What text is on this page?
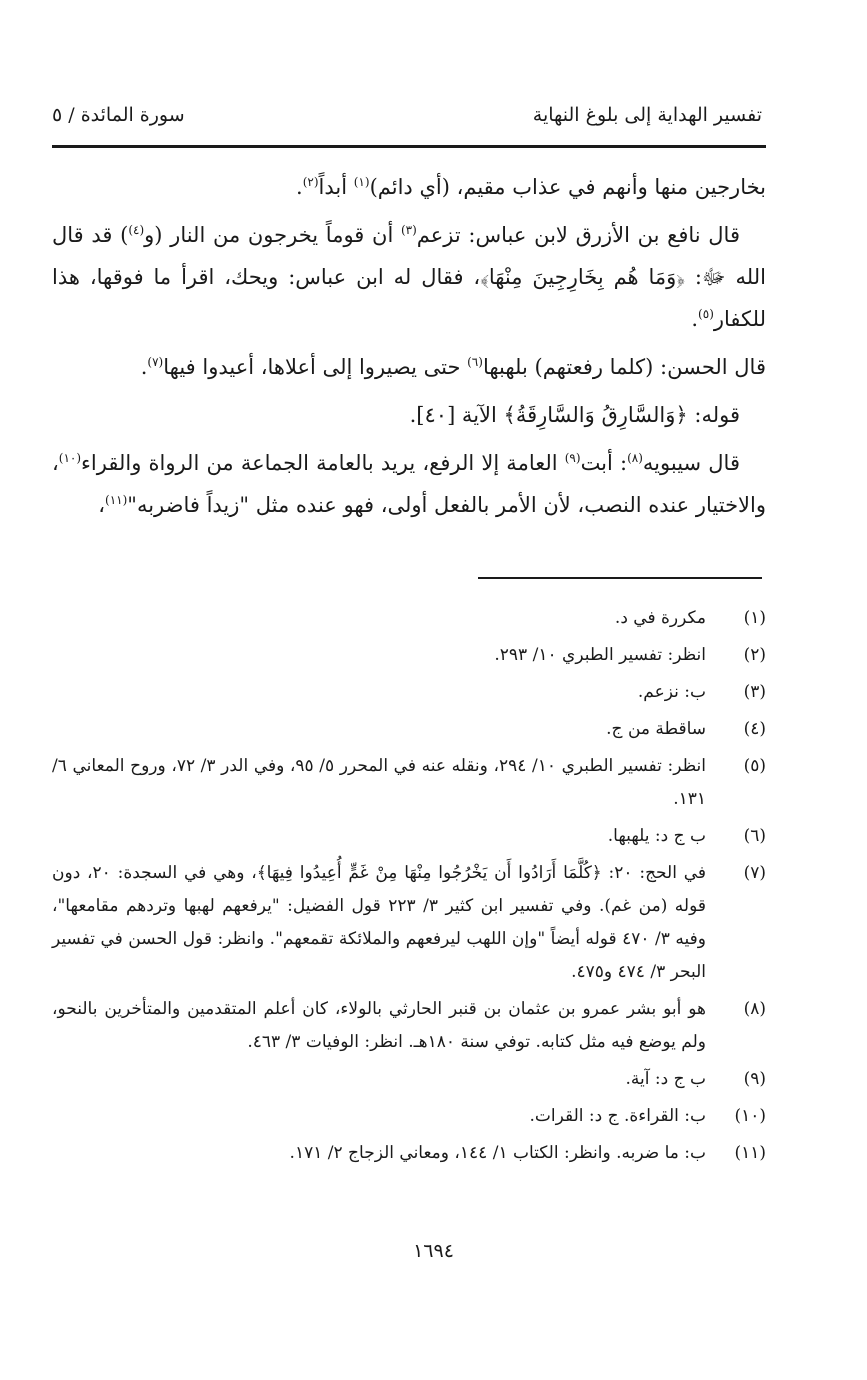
تفسير الهداية إلى بلوغ النهاية
سورة المائدة / ٥

بخارجين منها وأنهم في عذاب مقيم، (أي دائم)$^{(١)}$ أبداً$^{(٢)}$.

قال نافع بن الأزرق لابن عباس: تزعم$^{(٣)}$ أن قوماً يخرجون من النار (و$^{(٤)}$) قد قال الله ﷻ: ﴿وَمَا هُم بِخَارِجِينَ مِنْهَا﴾، فقال له ابن عباس: ويحك، اقرأ ما فوقها، هذا للكفار$^{(٥)}$.

قال الحسن: (كلما رفعتهم) بلهبها$^{(٦)}$ حتى يصيروا إلى أعلاها، أعيدوا فيها$^{(٧)}$.

قوله: ﴿وَالسَّارِقُ وَالسَّارِقَةُ﴾ الآية [٤٠].

قال سيبويه$^{(٨)}$: أبت$^{(٩)}$ العامة إلا الرفع، يريد بالعامة الجماعة من الرواة والقراء$^{(١٠)}$، والاختيار عنده النصب، لأن الأمر بالفعل أولى، فهو عنده مثل "زيداً فاضربه"$^{(١١)}$،

(١)
مكررة في د.
(٢)
انظر: تفسير الطبري ١٠/ ٢٩٣.
(٣)
ب: نزعم.
(٤)
ساقطة من ج.
(٥)
انظر: تفسير الطبري ١٠/ ٢٩٤، ونقله عنه في المحرر ٥/ ٩٥، وفي الدر ٣/ ٧٢، وروح المعاني ٦/ ١٣١.
(٦)
ب ج د: يلهبها.
(٧)
في الحج: ٢٠: ﴿كُلَّمَا أَرَادُوا أَن يَخْرُجُوا مِنْهَا مِنْ غَمٍّ أُعِيدُوا فِيهَا﴾، وهي في السجدة: ٢٠، دون قوله (من غم). وفي تفسير ابن كثير ٣/ ٢٢٣ قول الفضيل: "يرفعهم لهبها وتردهم مقامعها"، وفيه ٣/ ٤٧٠ قوله أيضاً "وإن اللهب ليرفعهم والملائكة تقمعهم". وانظر: قول الحسن في تفسير البحر ٣/ ٤٧٤ و٤٧٥.
(٨)
هو أبو بشر عمرو بن عثمان بن قنبر الحارثي بالولاء، كان أعلم المتقدمين والمتأخرين بالنحو، ولم يوضع فيه مثل كتابه. توفي سنة ١٨٠هـ. انظر: الوفيات ٣/ ٤٦٣.
(٩)
ب ج د: آية.
(١٠)
ب: القراءة. ج د: القرات.
(١١)
ب: ما ضربه. وانظر: الكتاب ١/ ١٤٤، ومعاني الزجاج ٢/ ١٧١.
١٦٩٤
